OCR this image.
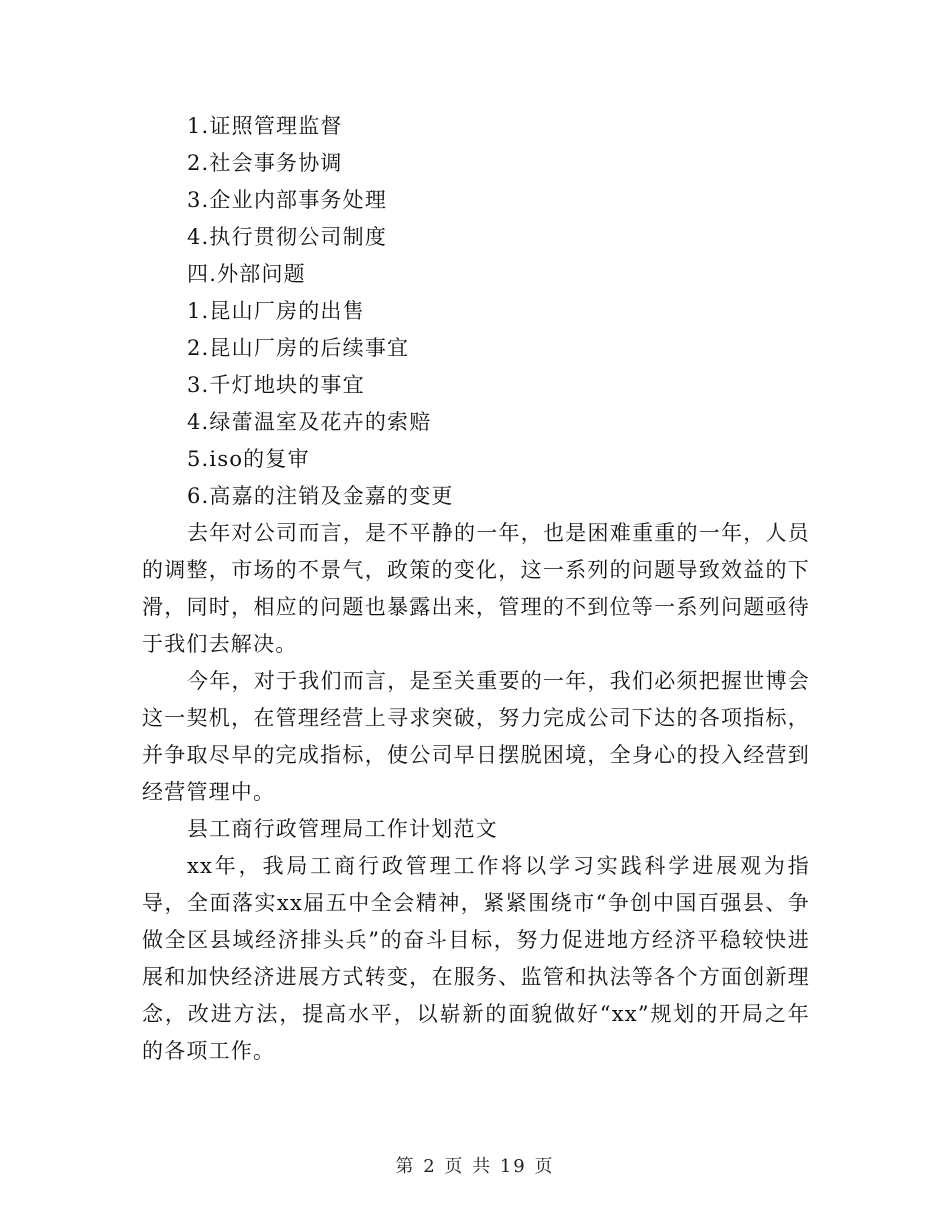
1.证照管理监督
2.社会事务协调
3.企业内部事务处理
4.执行贯彻公司制度
四.外部问题
1.昆山厂房的出售
2.昆山厂房的后续事宜
3.千灯地块的事宜
4.绿蕾温室及花卉的索赔
5.iso的复审
6.高嘉的注销及金嘉的变更
去年对公司而言，是不平静的一年，也是困难重重的一年，人员的调整，市场的不景气，政策的变化，这一系列的问题导致效益的下滑，同时，相应的问题也暴露出来，管理的不到位等一系列问题亟待于我们去解决。
今年，对于我们而言，是至关重要的一年，我们必须把握世博会这一契机，在管理经营上寻求突破，努力完成公司下达的各项指标，并争取尽早的完成指标，使公司早日摆脱困境，全身心的投入经营到经营管理中。
县工商行政管理局工作计划范文
xx年，我局工商行政管理工作将以学习实践科学进展观为指导，全面落实xx届五中全会精神，紧紧围绕市“争创中国百强县、争做全区县域经济排头兵”的奋斗目标，努力促进地方经济平稳较快进展和加快经济进展方式转变，在服务、监管和执法等各个方面创新理念，改进方法，提高水平，以崭新的面貌做好“xx”规划的开局之年的各项工作。
第 2 页 共 19 页
